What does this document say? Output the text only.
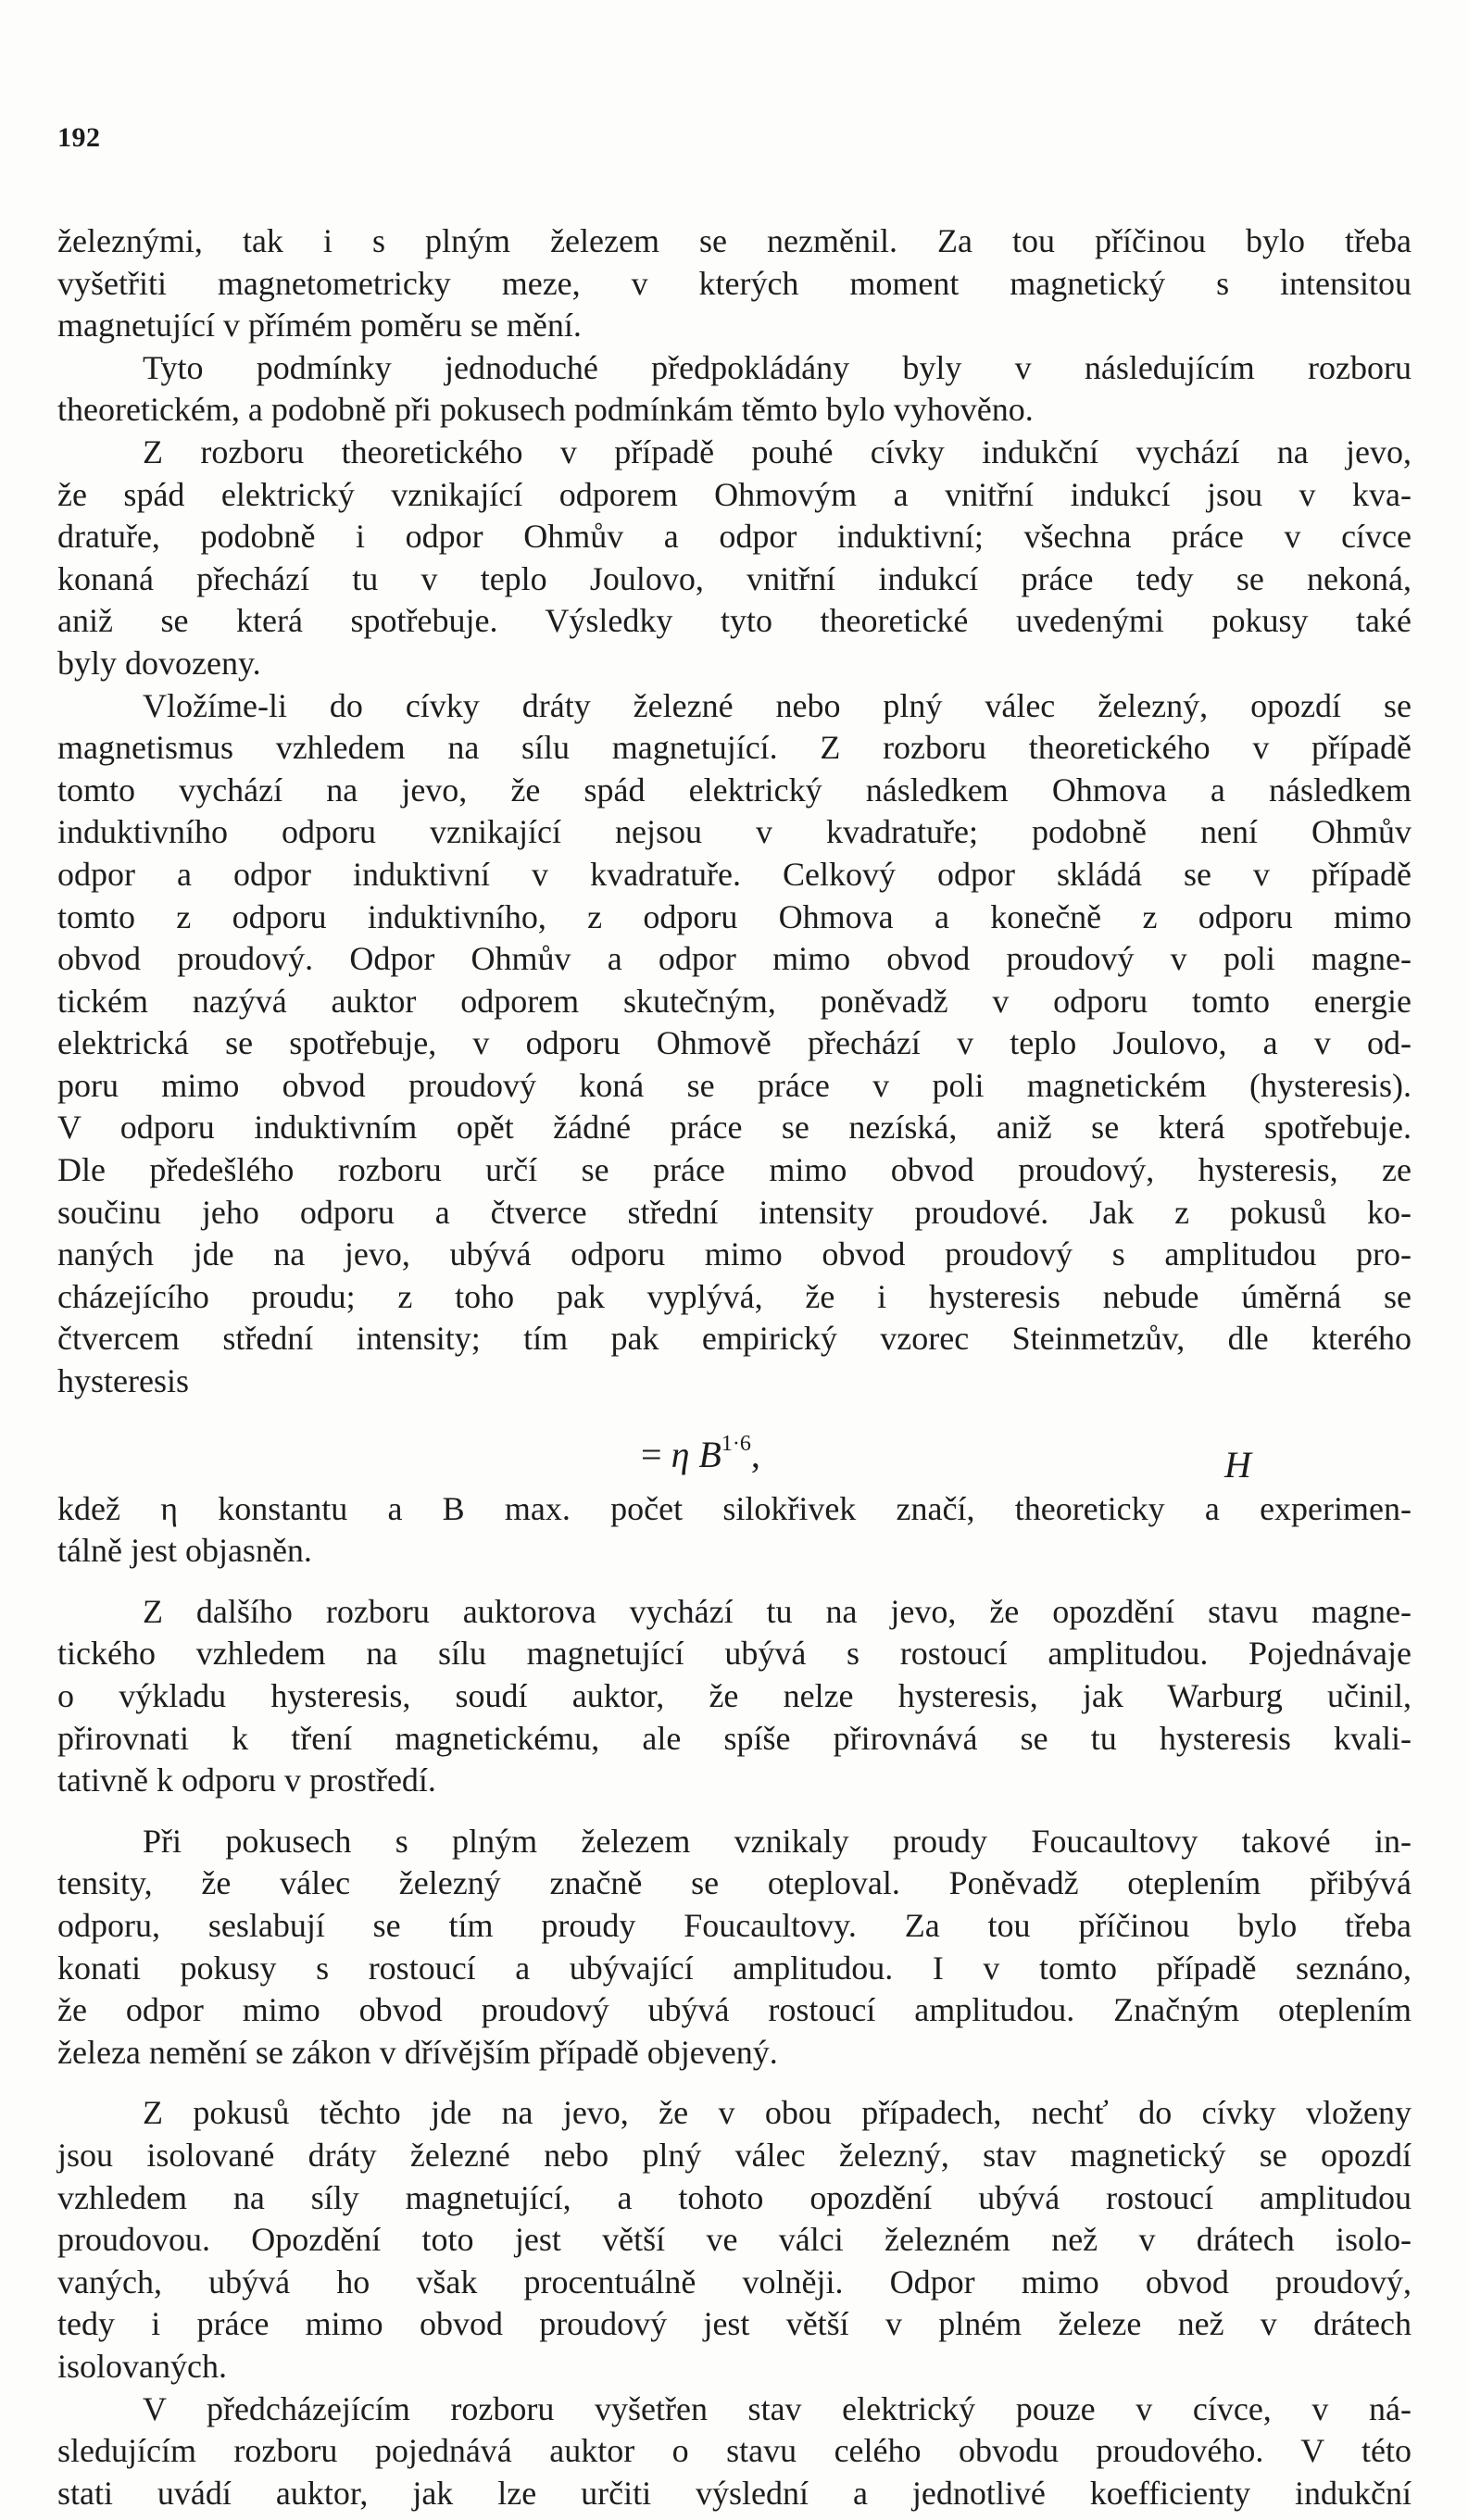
192

železnými, tak i s plným železem se nezměnil. Za tou příčinou bylo třeba

vyšetřiti magnetometricky meze, v kterých moment magnetický s intensitou

magnetující v přímém poměru se mění.

Tyto podmínky jednoduché předpokládány byly v následujícím rozboru

theoretickém, a podobně při pokusech podmínkám těmto bylo vyhověno.

Z rozboru theoretického v případě pouhé cívky indukční vychází na jevo,

že spád elektrický vznikající odporem Ohmovým a vnitřní indukcí jsou v kva-

dratuře, podobně i odpor Ohmův a odpor induktivní; všechna práce v cívce

konaná přechází tu v teplo Joulovo, vnitřní indukcí práce tedy se nekoná,

aniž se která spotřebuje. Výsledky tyto theoretické uvedenými pokusy také

byly dovozeny.

Vložíme-li do cívky dráty železné nebo plný válec železný, opozdí se

magnetismus vzhledem na sílu magnetující. Z rozboru theoretického v případě

tomto vychází na jevo, že spád elektrický následkem Ohmova a následkem

induktivního odporu vznikající nejsou v kvadratuře; podobně není Ohmův

odpor a odpor induktivní v kvadratuře. Celkový odpor skládá se v případě

tomto z odporu induktivního, z odporu Ohmova a konečně z odporu mimo

obvod proudový. Odpor Ohmův a odpor mimo obvod proudový v poli magne-

tickém nazývá auktor odporem skutečným, poněvadž v odporu tomto energie

elektrická se spotřebuje, v odporu Ohmově přechází v teplo Joulovo, a v od-

poru mimo obvod proudový koná se práce v poli magnetickém (hysteresis).

V odporu induktivním opět žádné práce se nezíská, aniž se která spotřebuje.

Dle předešlého rozboru určí se práce mimo obvod proudový, hysteresis, ze

součinu jeho odporu a čtverce střední intensity proudové. Jak z pokusů ko-

naných jde na jevo, ubývá odporu mimo obvod proudový s amplitudou pro-

cházejícího proudu; z toho pak vyplývá, že i hysteresis nebude úměrná se

čtvercem střední intensity; tím pak empirický vzorec Steinmetzův, dle kterého

hysteresis

H
= η $B^{1\cdot 6}$,

kdež η konstantu a B max. počet silokřivek značí, theoreticky a experimen-

tálně jest objasněn.

Z dalšího rozboru auktorova vychází tu na jevo, že opozdění stavu magne-

tického vzhledem na sílu magnetující ubývá s rostoucí amplitudou. Pojednávaje

o výkladu hysteresis, soudí auktor, že nelze hysteresis, jak Warburg učinil,

přirovnati k tření magnetickému, ale spíše přirovnává se tu hysteresis kvali-

tativně k odporu v prostředí.

Při pokusech s plným železem vznikaly proudy Foucaultovy takové in-

tensity, že válec železný značně se oteploval. Poněvadž oteplením přibývá

odporu, seslabují se tím proudy Foucaultovy. Za tou příčinou bylo třeba

konati pokusy s rostoucí a ubývající amplitudou. I v tomto případě seznáno,

že odpor mimo obvod proudový ubývá rostoucí amplitudou. Značným oteplením

železa nemění se zákon v dřívějším případě objevený.

Z pokusů těchto jde na jevo, že v obou případech, nechť do cívky vloženy

jsou isolované dráty železné nebo plný válec železný, stav magnetický se opozdí

vzhledem na síly magnetující, a tohoto opozdění ubývá rostoucí amplitudou

proudovou. Opozdění toto jest větší ve válci železném než v drátech isolo-

vaných, ubývá ho však procentuálně volněji. Odpor mimo obvod proudový,

tedy i práce mimo obvod proudový jest větší v plném železe než v drátech

isolovaných.

V předcházejícím rozboru vyšetřen stav elektrický pouze v cívce, v ná-

sledujícím rozboru pojednává auktor o stavu celého obvodu proudového. V této

stati uvádí auktor, jak lze určiti výslední a jednotlivé koefficienty indukční
